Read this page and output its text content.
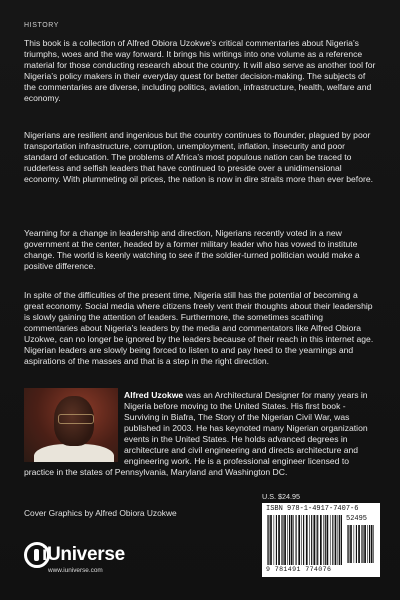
HISTORY
This book is a collection of Alfred Obiora Uzokwe’s critical commentaries about Nigeria’s triumphs, woes and the way forward. It brings his writings into one volume as a reference material for those conducting research about the country. It will also serve as another tool for Nigeria’s policy makers in their everyday quest for better decision-making. The subjects of the commentaries are diverse, including politics, aviation, infrastructure, health, welfare and economy.
Nigerians are resilient and ingenious but the country continues to flounder, plagued by poor transportation infrastructure, corruption, unemployment, inflation, insecurity and poor standard of education. The problems of Africa’s most populous nation can be traced to rudderless and selfish leaders that have continued to preside over a unidimensional economy. With plummeting oil prices, the nation is now in dire straits more than ever before.
Yearning for a change in leadership and direction, Nigerians recently voted in a new government at the center, headed by a former military leader who has vowed to institute change. The world is keenly watching to see if the soldier-turned politician would make a positive difference.
In spite of the difficulties of the present time, Nigeria still has the potential of becoming a great economy. Social media where citizens freely vent their thoughts about their leadership is slowly gaining the attention of leaders. Furthermore, the sometimes scathing commentaries about Nigeria’s leaders by the media and commentators like Alfred Obiora Uzokwe, can no longer be ignored by the leaders because of their reach in this internet age. Nigerian leaders are slowly being forced to listen to and pay heed to the yearnings and aspirations of the masses and that is a step in the right direction.
Alfred Uzokwe was an Architectural Designer for many years in Nigeria before moving to the United States. His first book - Surviving in Biafra, The Story of the Nigerian Civil War, was published in 2003. He has keynoted many Nigerian organization events in the United States. He holds advanced degrees in architecture and civil engineering and directs architecture and engineering work. He is a professional engineer licensed to
practice in the states of Pennsylvania, Maryland and Washington DC.
Cover Graphics by Alfred Obiora Uzokwe
iUniverse
www.iuniverse.com
U.S. $24.95
ISBN 978-1-4917-7407-6
52495
9 781491 774076
